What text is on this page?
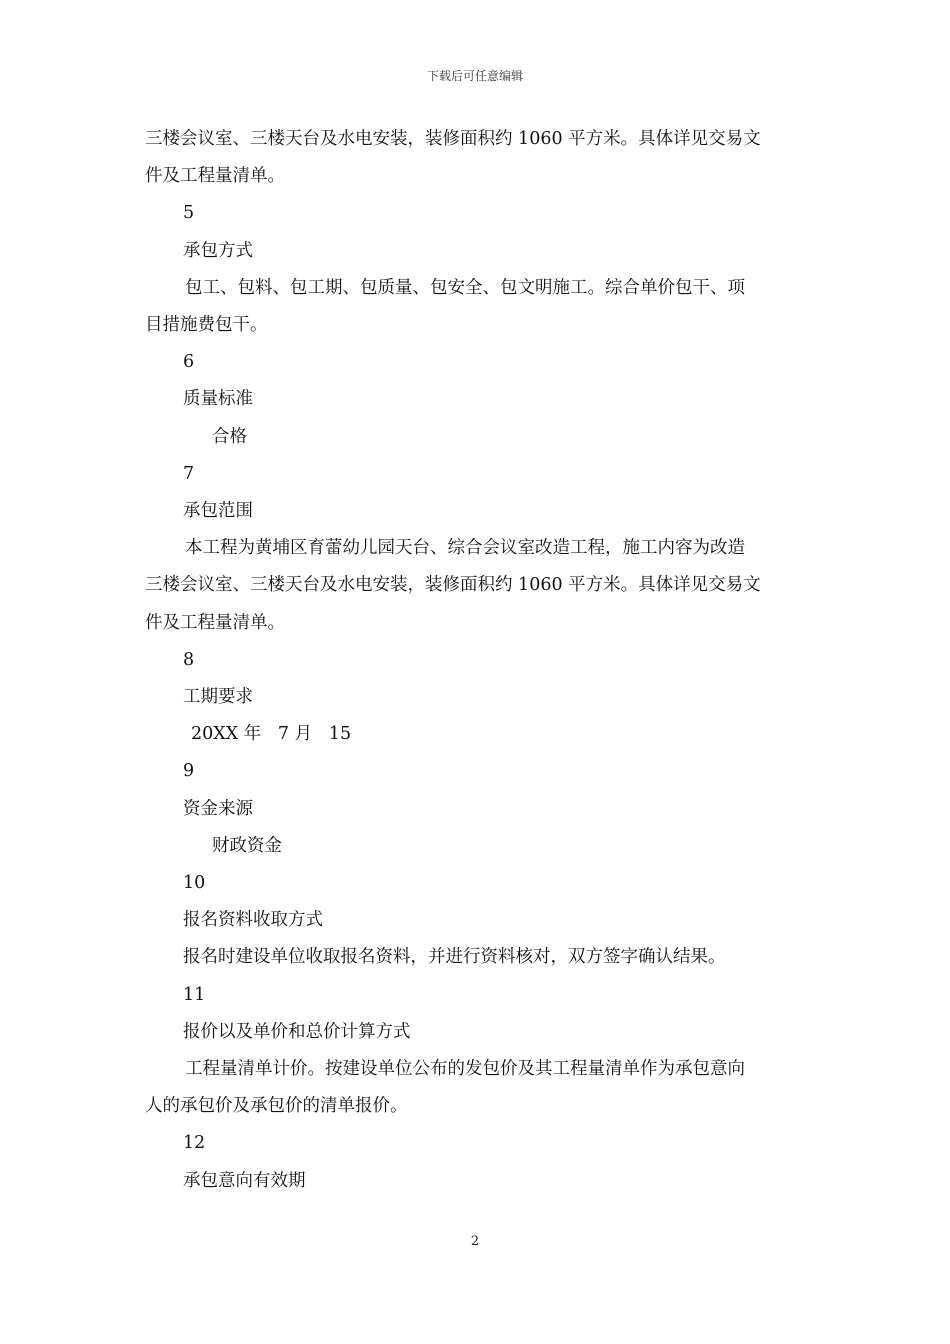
下载后可任意编辑

三楼会议室、三楼天台及水电安装，装修面积约 1060 平方米。具体详见交易文

件及工程量清单。

5

承包方式

包工、包料、包工期、包质量、包安全、包文明施工。综合单价包干、项

目措施费包干。

6

质量标准

合格

7

承包范围

本工程为黄埔区育蕾幼儿园天台、综合会议室改造工程，施工内容为改造

三楼会议室、三楼天台及水电安装，装修面积约 1060 平方米。具体详见交易文

件及工程量清单。

8

工期要求

20XX 年   7 月   15

9

资金来源

财政资金

10

报名资料收取方式

报名时建设单位收取报名资料，并进行资料核对，双方签字确认结果。

11

报价以及单价和总价计算方式

工程量清单计价。按建设单位公布的发包价及其工程量清单作为承包意向

人的承包价及承包价的清单报价。

12

承包意向有效期

2
